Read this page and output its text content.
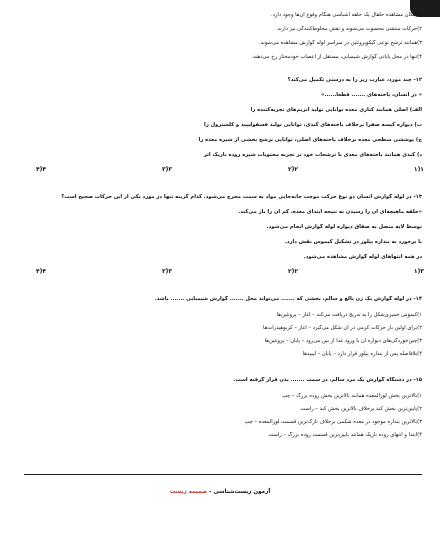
۱)امکان مشاهده حلقال یک حلقه اشباسی هنگام وقوع آن‌ها وجود دارد.
۲)حرکات منتشی محسوب می‌شوند و نقش مخلوط‌کنندگی نیز دارند.
۳)همانند ترشح نوعی گیکوپروتئین در سراسر لوله گوارش مشاهده می‌شوند.
۴)تنها در محل پایانی گوارش شیمیایی، مستقل از اعصاب خودمختار رخ می‌دهند.
۱۲- چند مورد، عبارت زیر را به درستی تکمیل می‌کند؟
« در انسان، یاخته‌های ....... قطعاً......»
الف) اصلی همانند کناری معده توانایی تولید آنزیم‌های تجزیه‌کننده را
ب) دیواره کیسه صفرا برخلاف یاخته‌های کبدی، توانایی تولید فسفولیپید و کلسترول را
ج) پوششی سطحی معده برخلاف یاخته‌های اصلی، توانایی ترشح بخشی از شیره معده را
د) کیدی همانند یاخته‌های معدی با ترشحات خود بر تجزیه محتویات شیره روده باریک اثر
۴)۴	۳)۳	۲)۲	۱)۱
۱۳- در لوله گوارش انسان دو نوع حرکت موجب جابه‌جایی مواد به سمت مخرج می‌شود. کدام گزینه تنها در مورد یکی از این حرکات صحیح است؟
«حلقه ماهیچه‌ای آن را رسیدن به نتیجه ابتدای معده، کم آن را باز می‌کند.
توسط لایه متصل به صفاق دیواره لوله گوارش انجام می‌شود.
با برخورد به بنداره پیلور در تشکیل کیموس نقش دارد.
در همه انتهاهای لوله گوارش مشاهده می‌شود.
۴)۴	۳)۳	۲)۲	۱)۳
۱۴- در لوله گوارش یک زن بالغ و سالم، بخشی که ....... می‌تواند محل ....... گوارش شیمیایی ....... باشد.
۱)کیموس خمیری‌شکل را به تدریج دریافت می‌کند – آغاز – پروتئین‌ها
۲)برای اولین بار حرکات کرمی در آن شکل می‌گیرد – آغاز – کربوهیدرات‌ها
۳)چین‌خوردگی‌های دیواره آن با ورود غذا از بین می‌رود – پایان – پروتئین‌ها
۴)بلافاصله پس از بنداره پیلور قرار دارد – پایان – لیپیدها
۱۵- در دستگاه گوارش یک مرد سالم، در سمت ....... بدن قرار گرفته است.
۱)بالاترین بخش لوزالمعده همانند بالاترین بخش روده بزرگ – چپ
۲)پایین‌ترین بخش کبد برخلاف بالاترین بخش کبد – راست
۳)بالاترین بنداره موجود در معده شکمی برخلاف نازک‌ترین قسمت لوزالمعده – چپ
۴)ابتدا و انتهای روده باریک همانند پایین‌ترین قسمت روده بزرگ – راست
آزمون زیست‌شناسی - ضمیمه زیست
